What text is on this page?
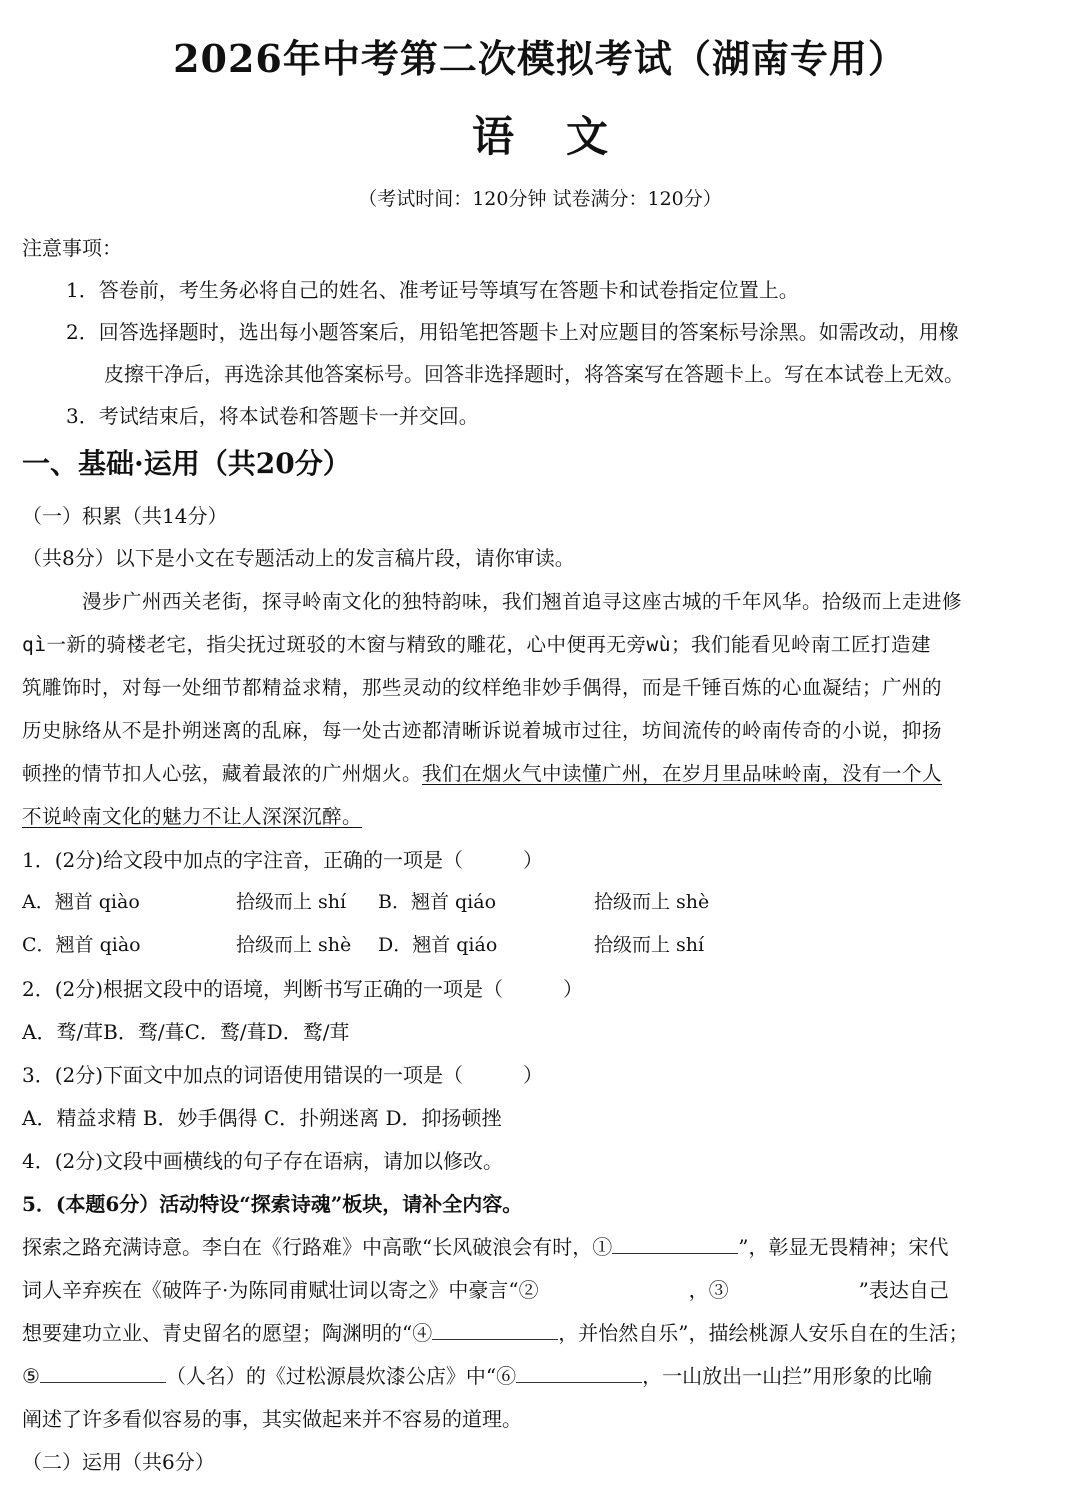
2026年中考第二次模拟考试（湖南专用）
语 文
（考试时间：120分钟 试卷满分：120分）
注意事项：
1．答卷前，考生务必将自己的姓名、准考证号等填写在答题卡和试卷指定位置上。
2．回答选择题时，选出每小题答案后，用铅笔把答题卡上对应题目的答案标号涂黑。如需改动，用橡
皮擦干净后，再选涂其他答案标号。回答非选择题时，将答案写在答题卡上。写在本试卷上无效。
3．考试结束后，将本试卷和答题卡一并交回。
一、基础·运用（共20分）
（一）积累（共14分）
（共8分）以下是小文在专题活动上的发言稿片段，请你审读。
漫步广州西关老街，探寻岭南文化的独特韵味，我们翘首追寻这座古城的千年风华。拾级而上走进修
qì一新的骑楼老宅，指尖抚过斑驳的木窗与精致的雕花，心中便再无旁wù；我们能看见岭南工匠打造建
筑雕饰时，对每一处细节都精益求精，那些灵动的纹样绝非妙手偶得，而是千锤百炼的心血凝结；广州的
历史脉络从不是扑朔迷离的乱麻，每一处古迹都清晰诉说着城市过往，坊间流传的岭南传奇的小说，抑扬
顿挫的情节扣人心弦，藏着最浓的广州烟火。我们在烟火气中读懂广州，在岁月里品味岭南，没有一个人
不说岭南文化的魅力不让人深深沉醉。
1．(2分)给文段中加点的字注音，正确的一项是（　　　）
A．翘首 qiào	拾级而上 shí B．翘首 qiáo	拾级而上 shè
C．翘首 qiào	拾级而上 shè D．翘首 qiáo	拾级而上 shí
2．(2分)根据文段中的语境，判断书写正确的一项是（　　　）
A．骛/茸B．骛/葺C．鹜/葺D．鹜/茸
3．(2分)下面文中加点的词语使用错误的一项是（　　　）
A．精益求精 B．妙手偶得 C．扑朔迷离 D．抑扬顿挫
4．(2分)文段中画横线的句子存在语病，请加以修改。
5．(本题6分）活动特设“探索诗魂”板块，请补全内容。
探索之路充满诗意。李白在《行路难》中高歌“长风破浪会有时，①	”，彰显无畏精神；宋代
词人辛弃疾在《破阵子·为陈同甫赋壮词以寄之》中豪言“②	，③	”表达自己
想要建功立业、青史留名的愿望；陶渊明的“④	，并怡然自乐”，描绘桃源人安乐自在的生活；
⑤	（人名）的《过松源晨炊漆公店》中“⑥	，一山放出一山拦”用形象的比喻
阐述了许多看似容易的事，其实做起来并不容易的道理。
（二）运用（共6分）
